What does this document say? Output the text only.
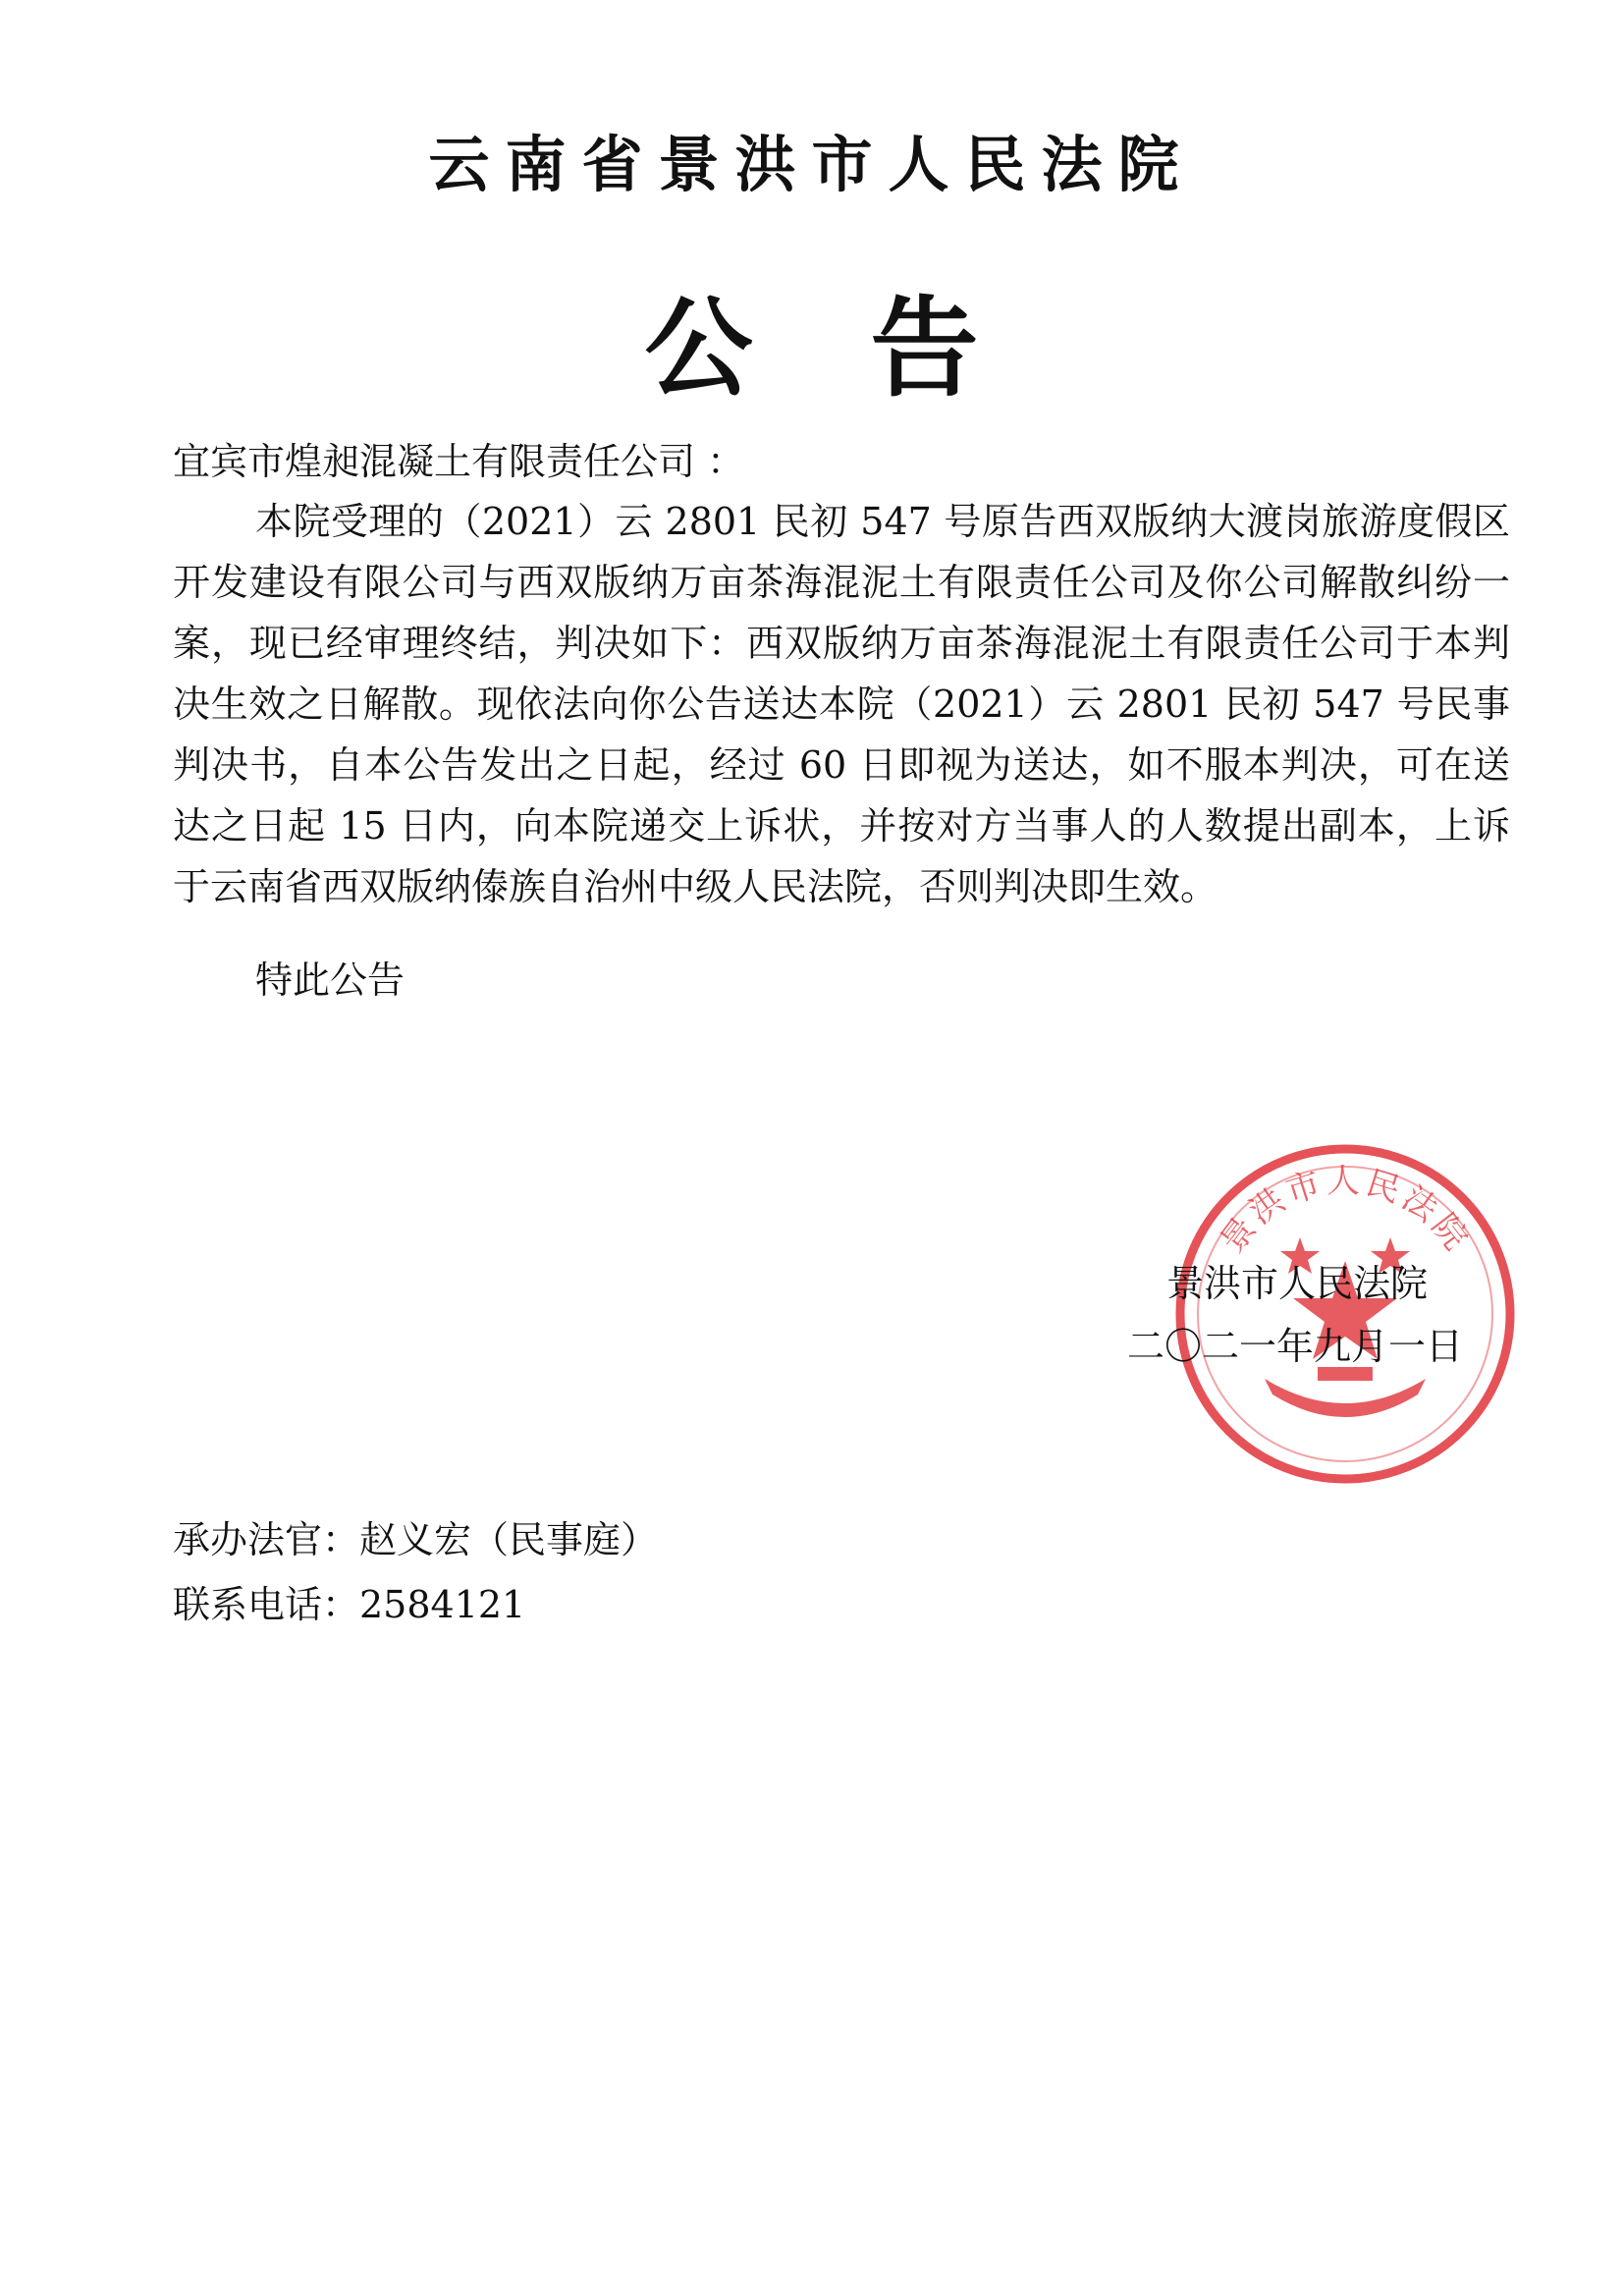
云南省景洪市人民法院
公告

宜宾市煌昶混凝土有限责任公司 ：

本院受理的（2021）云 2801 民初 547 号原告西双版纳大渡岗旅游度假区开发建设有限公司与西双版纳万亩茶海混泥土有限责任公司及你公司解散纠纷一案，现已经审理终结，判决如下：西双版纳万亩茶海混泥土有限责任公司于本判决生效之日解散。现依法向你公告送达本院（2021）云 2801 民初 547 号民事判决书，自本公告发出之日起，经过 60 日即视为送达，如不服本判决，可在送达之日起 15 日内，向本院递交上诉状，并按对方当事人的人数提出副本，上诉于云南省西双版纳傣族自治州中级人民法院，否则判决即生效。

特此公告

景洪市人民法院

景洪市人民法院

二〇二一年九月一日

承办法官：赵义宏（民事庭）

联系电话：2584121
